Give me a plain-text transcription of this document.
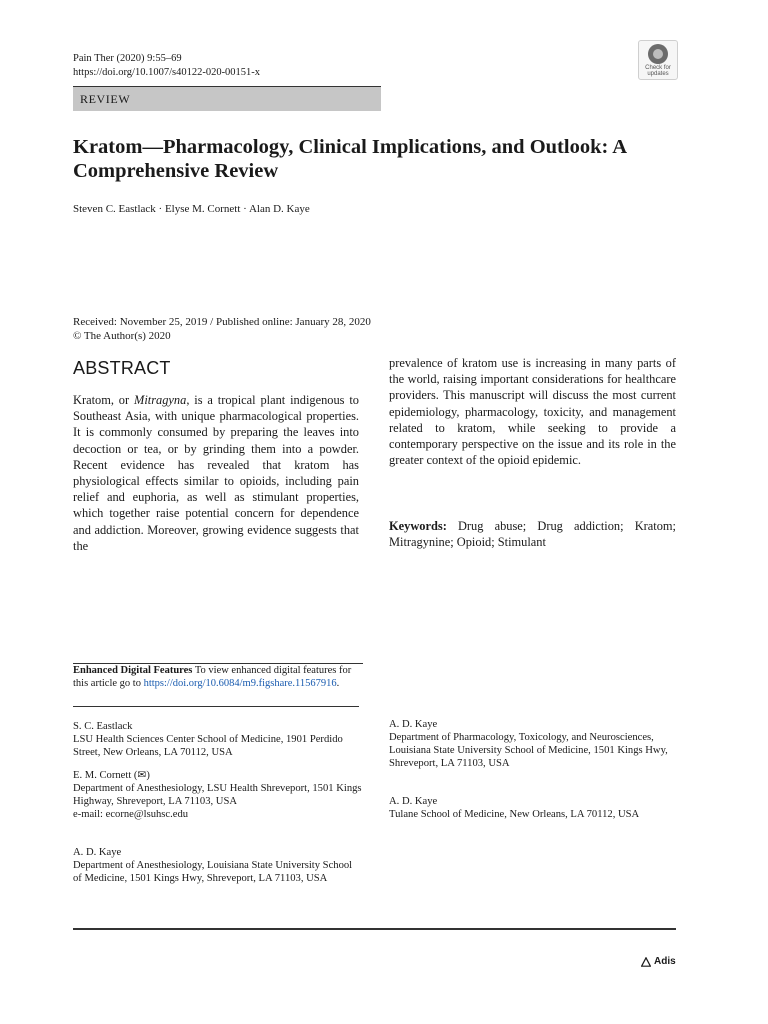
Pain Ther (2020) 9:55–69
https://doi.org/10.1007/s40122-020-00151-x	Check for updates
REVIEW
Kratom—Pharmacology, Clinical Implications, and Outlook: A Comprehensive Review
Steven C. Eastlack · Elyse M. Cornett · Alan D. Kaye
Received: November 25, 2019 / Published online: January 28, 2020
© The Author(s) 2020
ABSTRACT
Kratom, or Mitragyna, is a tropical plant indigenous to Southeast Asia, with unique pharmacological properties. It is commonly consumed by preparing the leaves into decoction or tea, or by grinding them into a powder. Recent evidence has revealed that kratom has physiological effects similar to opioids, including pain relief and euphoria, as well as stimulant properties, which together raise potential concern for dependence and addiction. Moreover, growing evidence suggests that the
prevalence of kratom use is increasing in many parts of the world, raising important considerations for healthcare providers. This manuscript will discuss the most current epidemiology, pharmacology, toxicity, and management related to kratom, while seeking to provide a contemporary perspective on the issue and its role in the greater context of the opioid epidemic.
Keywords: Drug abuse; Drug addiction; Kratom; Mitragynine; Opioid; Stimulant
Enhanced Digital Features To view enhanced digital features for this article go to https://doi.org/10.6084/m9.figshare.11567916.
S. C. Eastlack
LSU Health Sciences Center School of Medicine, 1901 Perdido Street, New Orleans, LA 70112, USA
E. M. Cornett (✉)
Department of Anesthesiology, LSU Health Shreveport, 1501 Kings Highway, Shreveport, LA 71103, USA
e-mail: ecorne@lsuhsc.edu
A. D. Kaye
Department of Anesthesiology, Louisiana State University School of Medicine, 1501 Kings Hwy, Shreveport, LA 71103, USA
A. D. Kaye
Department of Pharmacology, Toxicology, and Neurosciences, Louisiana State University School of Medicine, 1501 Kings Hwy, Shreveport, LA 71103, USA
A. D. Kaye
Tulane School of Medicine, New Orleans, LA 70112, USA
Adis
